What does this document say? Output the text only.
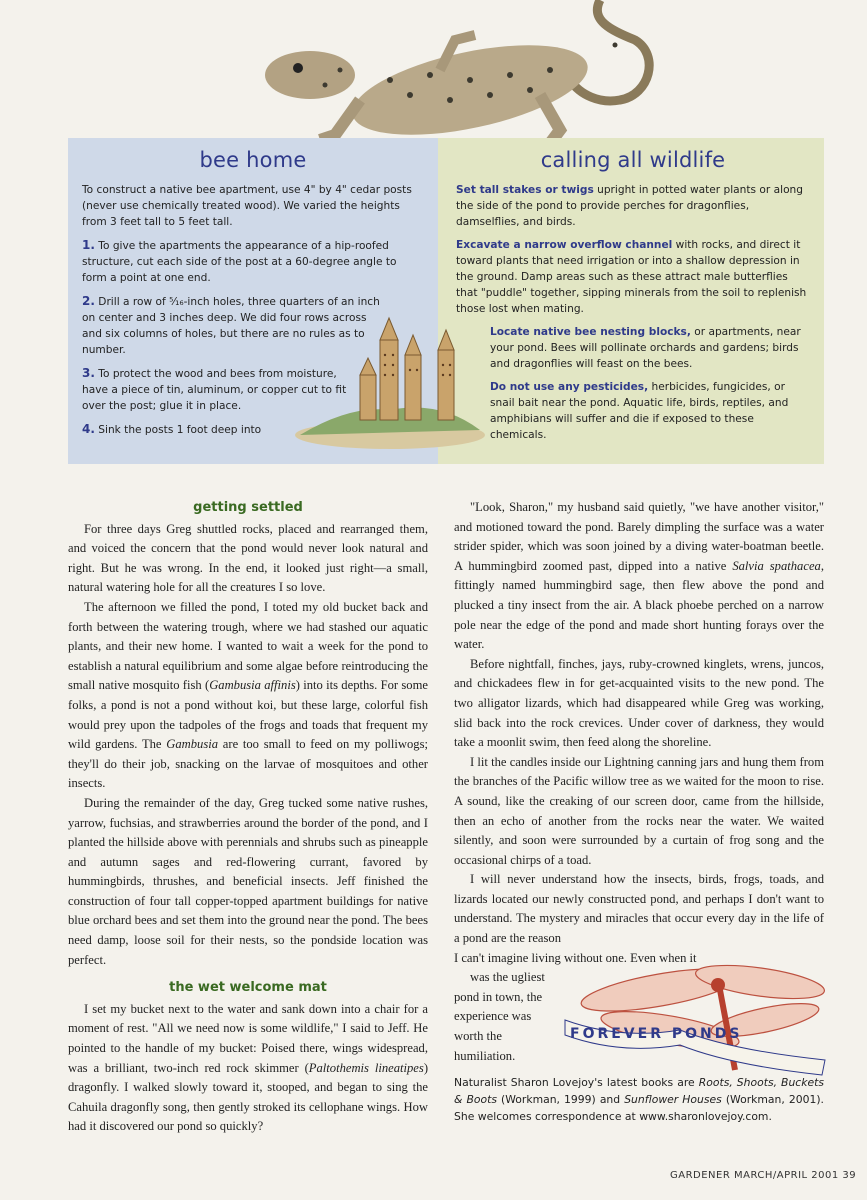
bee home

To construct a native bee apartment, use 4" by 4" cedar posts (never use chemically treated wood). We varied the heights from 3 feet tall to 5 feet tall.

1. To give the apartments the appearance of a hip-roofed structure, cut each side of the post at a 60-degree angle to form a point at one end.

2. Drill a row of ⁵⁄₁₆-inch holes, three quarters of an inch on center and 3 inches deep. We did four rows across and six columns of holes, but there are no rules as to number.

3. To protect the wood and bees from moisture, have a piece of tin, aluminum, or copper cut to fit over the post; glue it in place.

4. Sink the posts 1 foot deep into

calling all wildlife

Set tall stakes or twigs upright in potted water plants or along the side of the pond to provide perches for dragonflies, damselflies, and birds.

Excavate a narrow overflow channel with rocks, and direct it toward plants that need irrigation or into a shallow depression in the ground. Damp areas such as these attract male butterflies that "puddle" together, sipping minerals from the soil to replenish those lost when mating.

Locate native bee nesting blocks, or apartments, near your pond. Bees will pollinate orchards and gardens; birds and dragonflies will feast on the bees.

Do not use any pesticides, herbicides, fungicides, or snail bait near the pond. Aquatic life, birds, reptiles, and amphibians will suffer and die if exposed to these chemicals.

getting settled

For three days Greg shuttled rocks, placed and rearranged them, and voiced the concern that the pond would never look natural and right. But he was wrong. In the end, it looked just right—a small, natural watering hole for all the creatures I so love.

The afternoon we filled the pond, I toted my old bucket back and forth between the watering trough, where we had stashed our aquatic plants, and their new home. I wanted to wait a week for the pond to establish a natural equilibrium and some algae before reintroducing the small native mosquito fish (Gambusia affinis) into its depths. For some folks, a pond is not a pond without koi, but these large, colorful fish would prey upon the tadpoles of the frogs and toads that frequent my wild gardens. The Gambusia are too small to feed on my polliwogs; they'll do their job, snacking on the larvae of mosquitoes and other insects.

During the remainder of the day, Greg tucked some native rushes, yarrow, fuchsias, and strawberries around the border of the pond, and I planted the hillside above with perennials and shrubs such as pineapple and autumn sages and red-flowering currant, favored by hummingbirds, thrushes, and beneficial insects. Jeff finished the construction of four tall copper-topped apartment buildings for native blue orchard bees and set them into the ground near the pond. The bees need damp, loose soil for their nests, so the pondside location was perfect.

the wet welcome mat

I set my bucket next to the water and sank down into a chair for a moment of rest. "All we need now is some wildlife," I said to Jeff. He pointed to the handle of my bucket: Poised there, wings widespread, was a brilliant, two-inch red rock skimmer (Paltothemis lineatipes) dragonfly. I walked slowly toward it, stooped, and began to sing the Cahuila dragonfly song, then gently stroked its cellophane wings. How had it discovered our pond so quickly?

"Look, Sharon," my husband said quietly, "we have another visitor," and motioned toward the pond. Barely dimpling the surface was a water strider spider, which was soon joined by a diving water-boatman beetle. A hummingbird zoomed past, dipped into a native Salvia spathacea, fittingly named hummingbird sage, then flew above the pond and plucked a tiny insect from the air. A black phoebe perched on a narrow pole near the edge of the pond and made short hunting forays over the water.

Before nightfall, finches, jays, ruby-crowned kinglets, wrens, juncos, and chickadees flew in for get-acquainted visits to the new pond. The two alligator lizards, which had disappeared while Greg was working, slid back into the rock crevices. Under cover of darkness, they would take a moonlit swim, then feed along the shoreline.

I lit the candles inside our Lightning canning jars and hung them from the branches of the Pacific willow tree as we waited for the moon to rise. A sound, like the creaking of our screen door, came from the hillside, then an echo of another from the rocks near the water. We waited silently, and soon were surrounded by a curtain of frog song and the occasional chirps of a toad.

I will never understand how the insects, birds, frogs, toads, and lizards located our newly constructed pond, and perhaps I don't want to understand. The mystery and miracles that occur every day in the life of a pond are the reason

I can't imagine living without one. Even when it

was the ugliest

pond in town, the experience was worth the humiliation.

FOREVER PONDS
Naturalist Sharon Lovejoy's latest books are Roots, Shoots, Buckets & Boots (Workman, 1999) and Sunflower Houses (Workman, 2001). She welcomes correspondence at www.sharonlovejoy.com.
GARDENER MARCH/APRIL 2001 39
